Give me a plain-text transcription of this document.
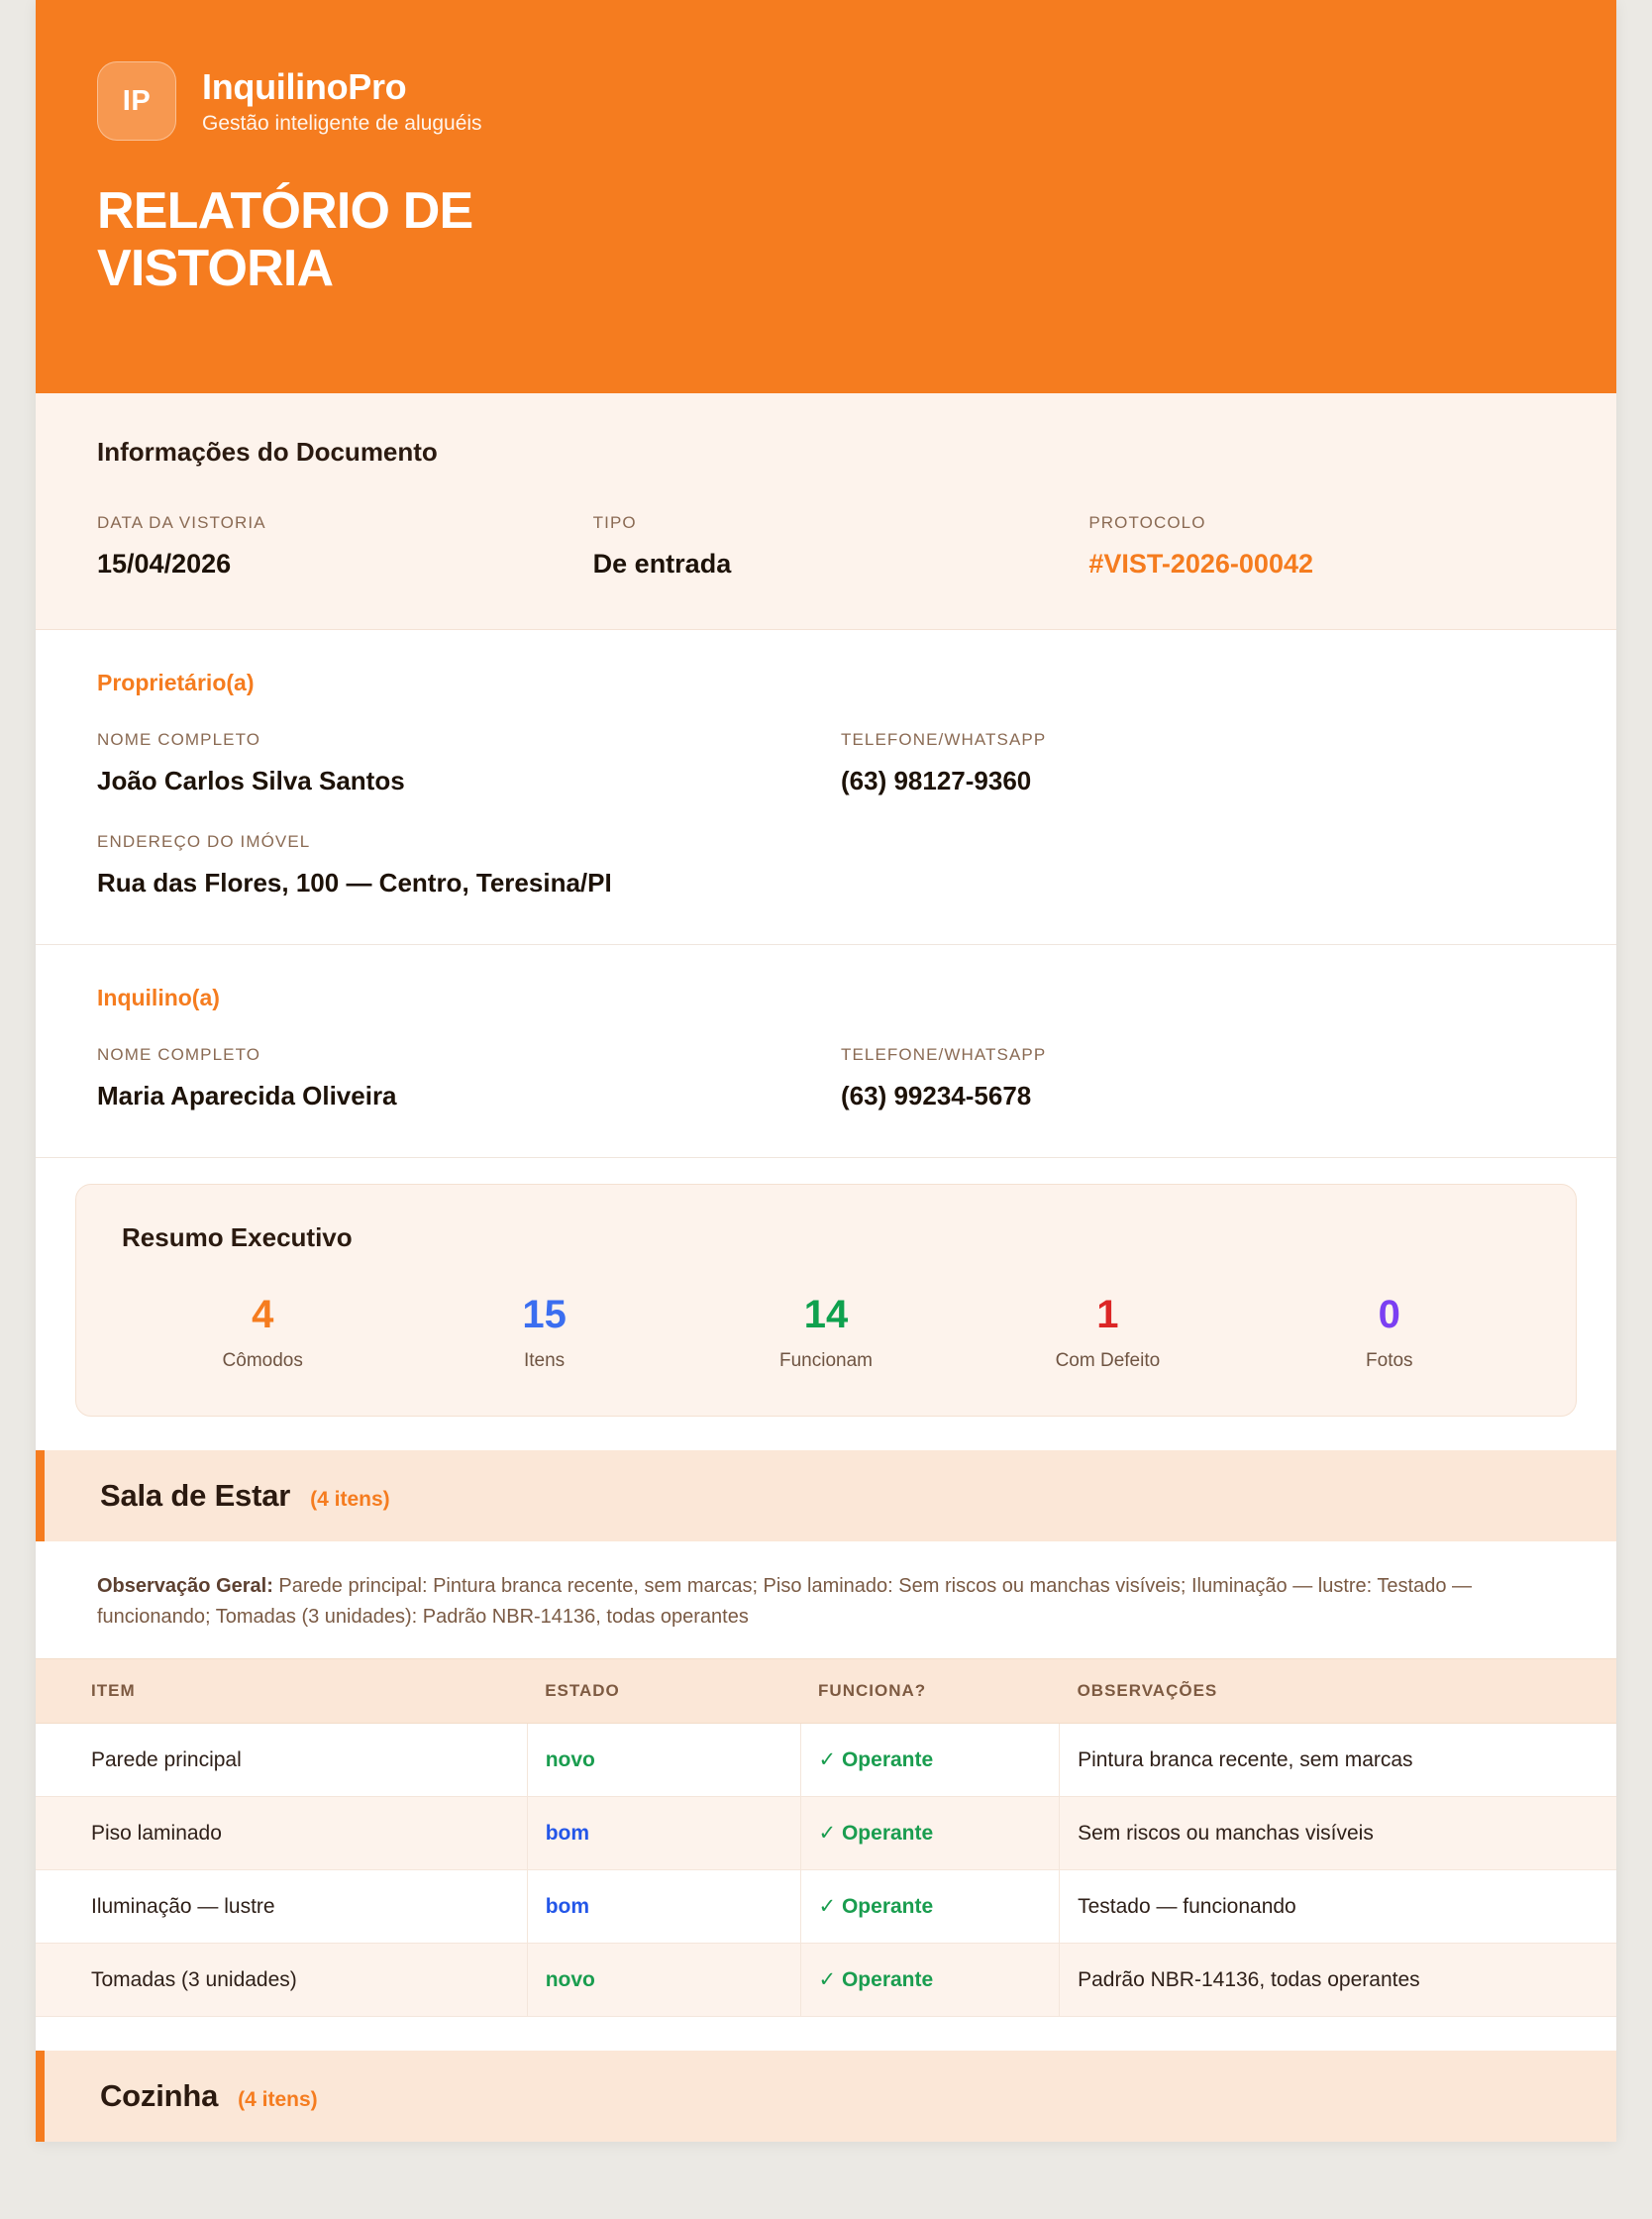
IP	InquilinoPro
Gestão inteligente de aluguéis
RELATÓRIO DE VISTORIA
Informações do Documento
DATA DA VISTORIA
15/04/2026
TIPO
De entrada
PROTOCOLO
#VIST-2026-00042
Proprietário(a)
NOME COMPLETO
João Carlos Silva Santos
TELEFONE/WHATSAPP
(63) 98127-9360
ENDEREÇO DO IMÓVEL
Rua das Flores, 100 — Centro, Teresina/PI
Inquilino(a)
NOME COMPLETO
Maria Aparecida Oliveira
TELEFONE/WHATSAPP
(63) 99234-5678
Resumo Executivo
4
Cômodos
15
Itens
14
Funcionam
1
Com Defeito
0
Fotos
Sala de Estar (4 itens)
Observação Geral: Parede principal: Pintura branca recente, sem marcas; Piso laminado: Sem riscos ou manchas visíveis; Iluminação — lustre: Testado — funcionando; Tomadas (3 unidades): Padrão NBR-14136, todas operantes
ITEM	ESTADO	FUNCIONA?	OBSERVAÇÕES
Parede principal	novo	✓ Operante	Pintura branca recente, sem marcas
Piso laminado	bom	✓ Operante	Sem riscos ou manchas visíveis
Iluminação — lustre	bom	✓ Operante	Testado — funcionando
Tomadas (3 unidades)	novo	✓ Operante	Padrão NBR-14136, todas operantes
Cozinha (4 itens)
